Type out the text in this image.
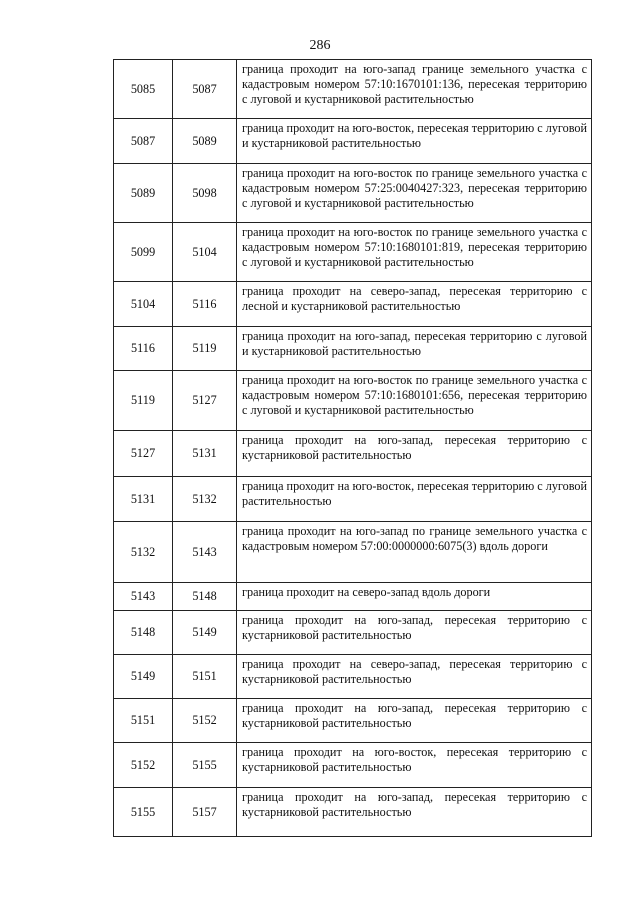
286
5085	5087	граница проходит на юго-запад границе земельного участка с кадастровым номером 57:10:1670101:136, пересекая территорию с луговой и кустарниковой растительностью
5087	5089	граница проходит на юго-восток, пересекая территорию с луговой и кустарниковой растительностью
5089	5098	граница проходит на юго-восток по границе земельного участка с кадастровым номером 57:25:0040427:323, пересекая территорию с луговой и кустарниковой растительностью
5099	5104	граница проходит на юго-восток по границе земельного участка с кадастровым номером 57:10:1680101:819, пересекая территорию с луговой и кустарниковой растительностью
5104	5116	граница проходит на северо-запад, пересекая территорию с лесной и кустарниковой растительностью
5116	5119	граница проходит на юго-запад, пересекая территорию с луговой и кустарниковой растительностью
5119	5127	граница проходит на юго-восток по границе земельного участка с кадастровым номером 57:10:1680101:656, пересекая территорию с луговой и кустарниковой растительностью
5127	5131	граница проходит на юго-запад, пересекая территорию с кустарниковой растительностью
5131	5132	граница проходит на юго-восток, пересекая территорию с луговой растительностью
5132	5143	граница проходит на юго-запад по границе земельного участка с кадастровым номером 57:00:0000000:6075(3) вдоль дороги
5143	5148	граница проходит на северо-запад вдоль дороги
5148	5149	граница проходит на юго-запад, пересекая территорию с кустарниковой растительностью
5149	5151	граница проходит на северо-запад, пересекая территорию с кустарниковой растительностью
5151	5152	граница проходит на юго-запад, пересекая территорию с кустарниковой растительностью
5152	5155	граница проходит на юго-восток, пересекая территорию с кустарниковой растительностью
5155	5157	граница проходит на юго-запад, пересекая территорию с кустарниковой растительностью
